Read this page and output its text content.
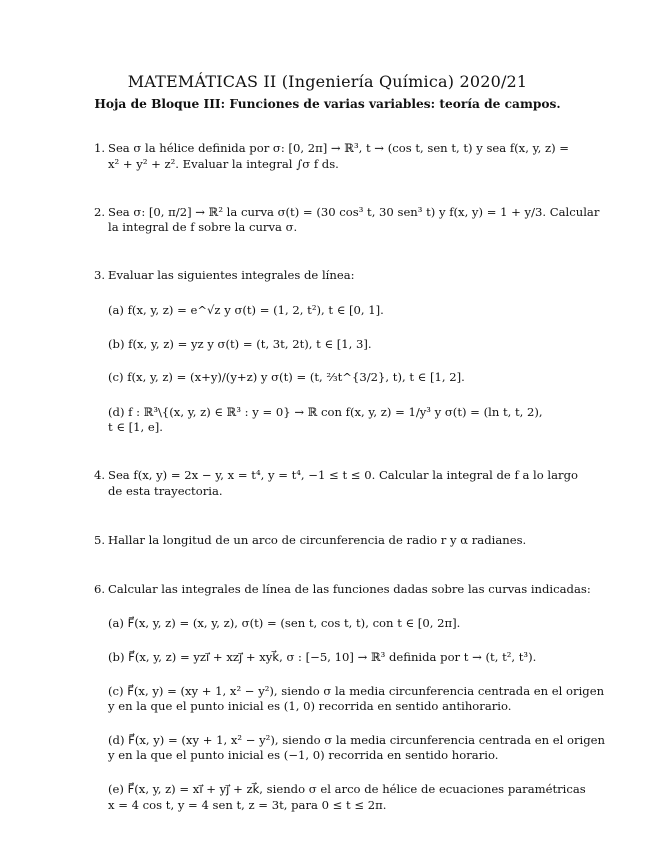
MATEMÁTICAS II (Ingeniería Química) 2020/21
Hoja de Bloque III: Funciones de varias variables: teoría de campos.
1. Sea σ la hélice definida por σ: [0, 2π] → ℝ³, t → (cos t, sen t, t) y sea f(x, y, z) =
x² + y² + z². Evaluar la integral ∫σ f ds.
2. Sea σ: [0, π/2] → ℝ² la curva σ(t) = (30 cos³ t, 30 sen³ t) y f(x, y) = 1 + y/3. Calcular
la integral de f sobre la curva σ.
3. Evaluar las siguientes integrales de línea:
(a) f(x, y, z) = e^√z y σ(t) = (1, 2, t²), t ∈ [0, 1].
(b) f(x, y, z) = yz y σ(t) = (t, 3t, 2t), t ∈ [1, 3].
(c) f(x, y, z) = (x+y)/(y+z) y σ(t) = (t, ⅔t^{3/2}, t), t ∈ [1, 2].
(d) f : ℝ³\{(x, y, z) ∈ ℝ³ : y = 0} → ℝ con f(x, y, z) = 1/y³ y σ(t) = (ln t, t, 2),
t ∈ [1, e].
4. Sea f(x, y) = 2x − y, x = t⁴, y = t⁴, −1 ≤ t ≤ 0. Calcular la integral de f a lo largo
de esta trayectoria.
5. Hallar la longitud de un arco de circunferencia de radio r y α radianes.
6. Calcular las integrales de línea de las funciones dadas sobre las curvas indicadas:
(a) F⃗(x, y, z) = (x, y, z), σ(t) = (sen t, cos t, t), con t ∈ [0, 2π].
(b) F⃗(x, y, z) = yzi⃗ + xzj⃗ + xyk⃗, σ : [−5, 10] → ℝ³ definida por t → (t, t², t³).
(c) F⃗(x, y) = (xy + 1, x² − y²), siendo σ la media circunferencia centrada en el origen
y en la que el punto inicial es (1, 0) recorrida en sentido antihorario.
(d) F⃗(x, y) = (xy + 1, x² − y²), siendo σ la media circunferencia centrada en el origen
y en la que el punto inicial es (−1, 0) recorrida en sentido horario.
(e) F⃗(x, y, z) = xi⃗ + yj⃗ + zk⃗, siendo σ el arco de hélice de ecuaciones paramétricas
x = 4 cos t, y = 4 sen t, z = 3t, para 0 ≤ t ≤ 2π.
